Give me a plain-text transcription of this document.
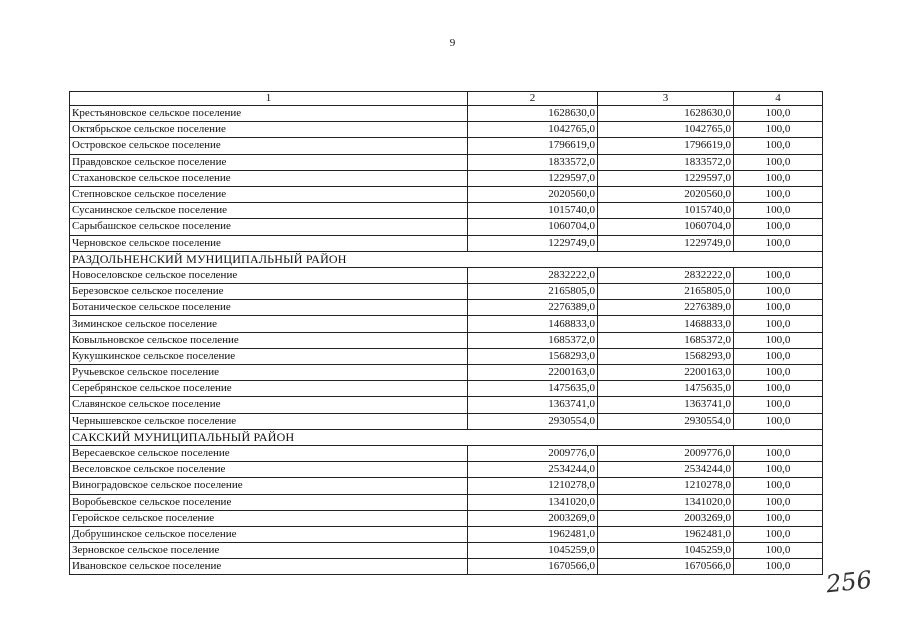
9
1	2	3	4
Крестьяновское сельское поселение	1628630,0	1628630,0	100,0
Октябрьское сельское поселение	1042765,0	1042765,0	100,0
Островское сельское поселение	1796619,0	1796619,0	100,0
Правдовское сельское поселение	1833572,0	1833572,0	100,0
Стахановское сельское поселение	1229597,0	1229597,0	100,0
Степновское сельское поселение	2020560,0	2020560,0	100,0
Сусанинское сельское поселение	1015740,0	1015740,0	100,0
Сарыбашское сельское поселение	1060704,0	1060704,0	100,0
Черновское сельское поселение	1229749,0	1229749,0	100,0
РАЗДОЛЬНЕНСКИЙ МУНИЦИПАЛЬНЫЙ РАЙОН			
Новоселовское сельское поселение	2832222,0	2832222,0	100,0
Березовское сельское поселение	2165805,0	2165805,0	100,0
Ботаническое сельское поселение	2276389,0	2276389,0	100,0
Зиминское сельское поселение	1468833,0	1468833,0	100,0
Ковыльновское сельское поселение	1685372,0	1685372,0	100,0
Кукушкинское сельское поселение	1568293,0	1568293,0	100,0
Ручьевское сельское поселение	2200163,0	2200163,0	100,0
Серебрянское сельское поселение	1475635,0	1475635,0	100,0
Славянское сельское поселение	1363741,0	1363741,0	100,0
Чернышевское сельское поселение	2930554,0	2930554,0	100,0
САКСКИЙ МУНИЦИПАЛЬНЫЙ РАЙОН			
Вересаевское сельское поселение	2009776,0	2009776,0	100,0
Веселовское сельское поселение	2534244,0	2534244,0	100,0
Виноградовское сельское поселение	1210278,0	1210278,0	100,0
Воробьевское сельское поселение	1341020,0	1341020,0	100,0
Геройское сельское поселение	2003269,0	2003269,0	100,0
Добрушинское сельское поселение	1962481,0	1962481,0	100,0
Зерновское сельское поселение	1045259,0	1045259,0	100,0
Ивановское сельское поселение	1670566,0	1670566,0	100,0 256
